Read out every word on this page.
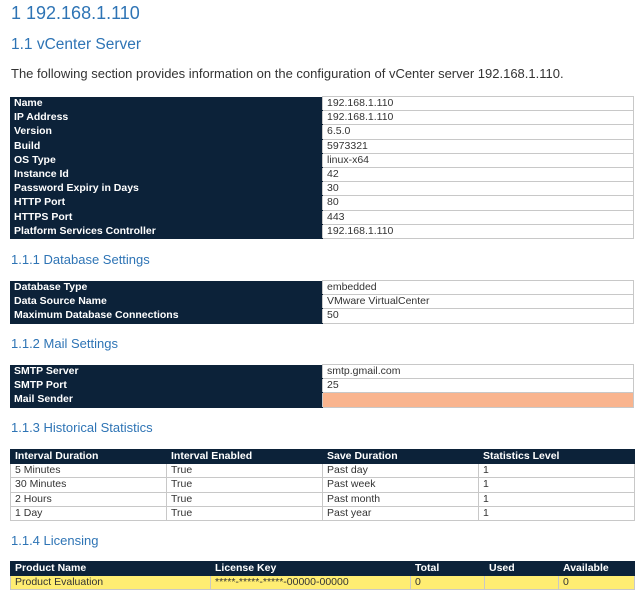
1 192.168.1.110
1.1 vCenter Server
The following section provides information on the configuration of vCenter server 192.168.1.110.
Name	192.168.1.110
IP Address	192.168.1.110
Version	6.5.0
Build	5973321
OS Type	linux-x64
Instance Id	42
Password Expiry in Days	30
HTTP Port	80
HTTPS Port	443
Platform Services Controller	192.168.1.110
1.1.1 Database Settings
Database Type	embedded
Data Source Name	VMware VirtualCenter
Maximum Database Connections	50
1.1.2 Mail Settings
SMTP Server	smtp.gmail.com
SMTP Port	25
Mail Sender	
1.1.3 Historical Statistics
Interval Duration	Interval Enabled	Save Duration	Statistics Level
5 Minutes	True	Past day	1
30 Minutes	True	Past week	1
2 Hours	True	Past month	1
1 Day	True	Past year	1
1.1.4 Licensing
Product Name	License Key	Total	Used	Available
Product Evaluation	*****-*****-*****-00000-00000	0		0
